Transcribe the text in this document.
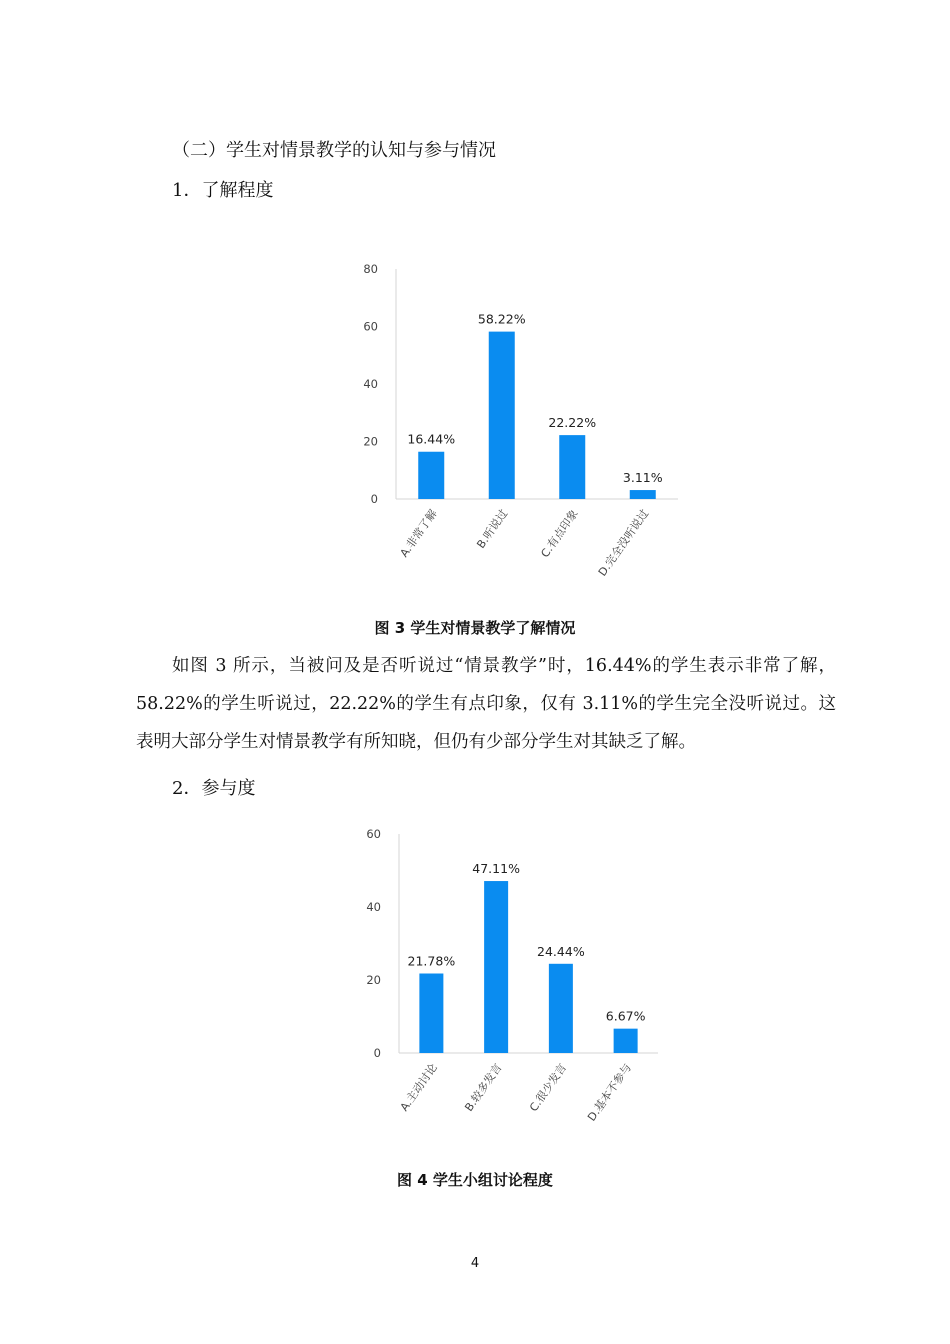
（二）学生对情景教学的认知与参与情况
1．了解程度
0
20
40
60
80
16.44%
A.非常了解
58.22%
B.听说过
22.22%
C.有点印象
3.11%
D.完全没听说过
图 3 学生对情景教学了解情况
如图 3 所示，当被问及是否听说过“情景教学”时，16.44%的学生表示非常了解，58.22%的学生听说过，22.22%的学生有点印象，仅有 3.11%的学生完全没听说过。这表明大部分学生对情景教学有所知晓，但仍有少部分学生对其缺乏了解。
2．参与度
0
20
40
60
21.78%
A.主动讨论
47.11%
B.较多发言
24.44%
C.很少发言
6.67%
D.基本不参与
图 4 学生小组讨论程度
4
